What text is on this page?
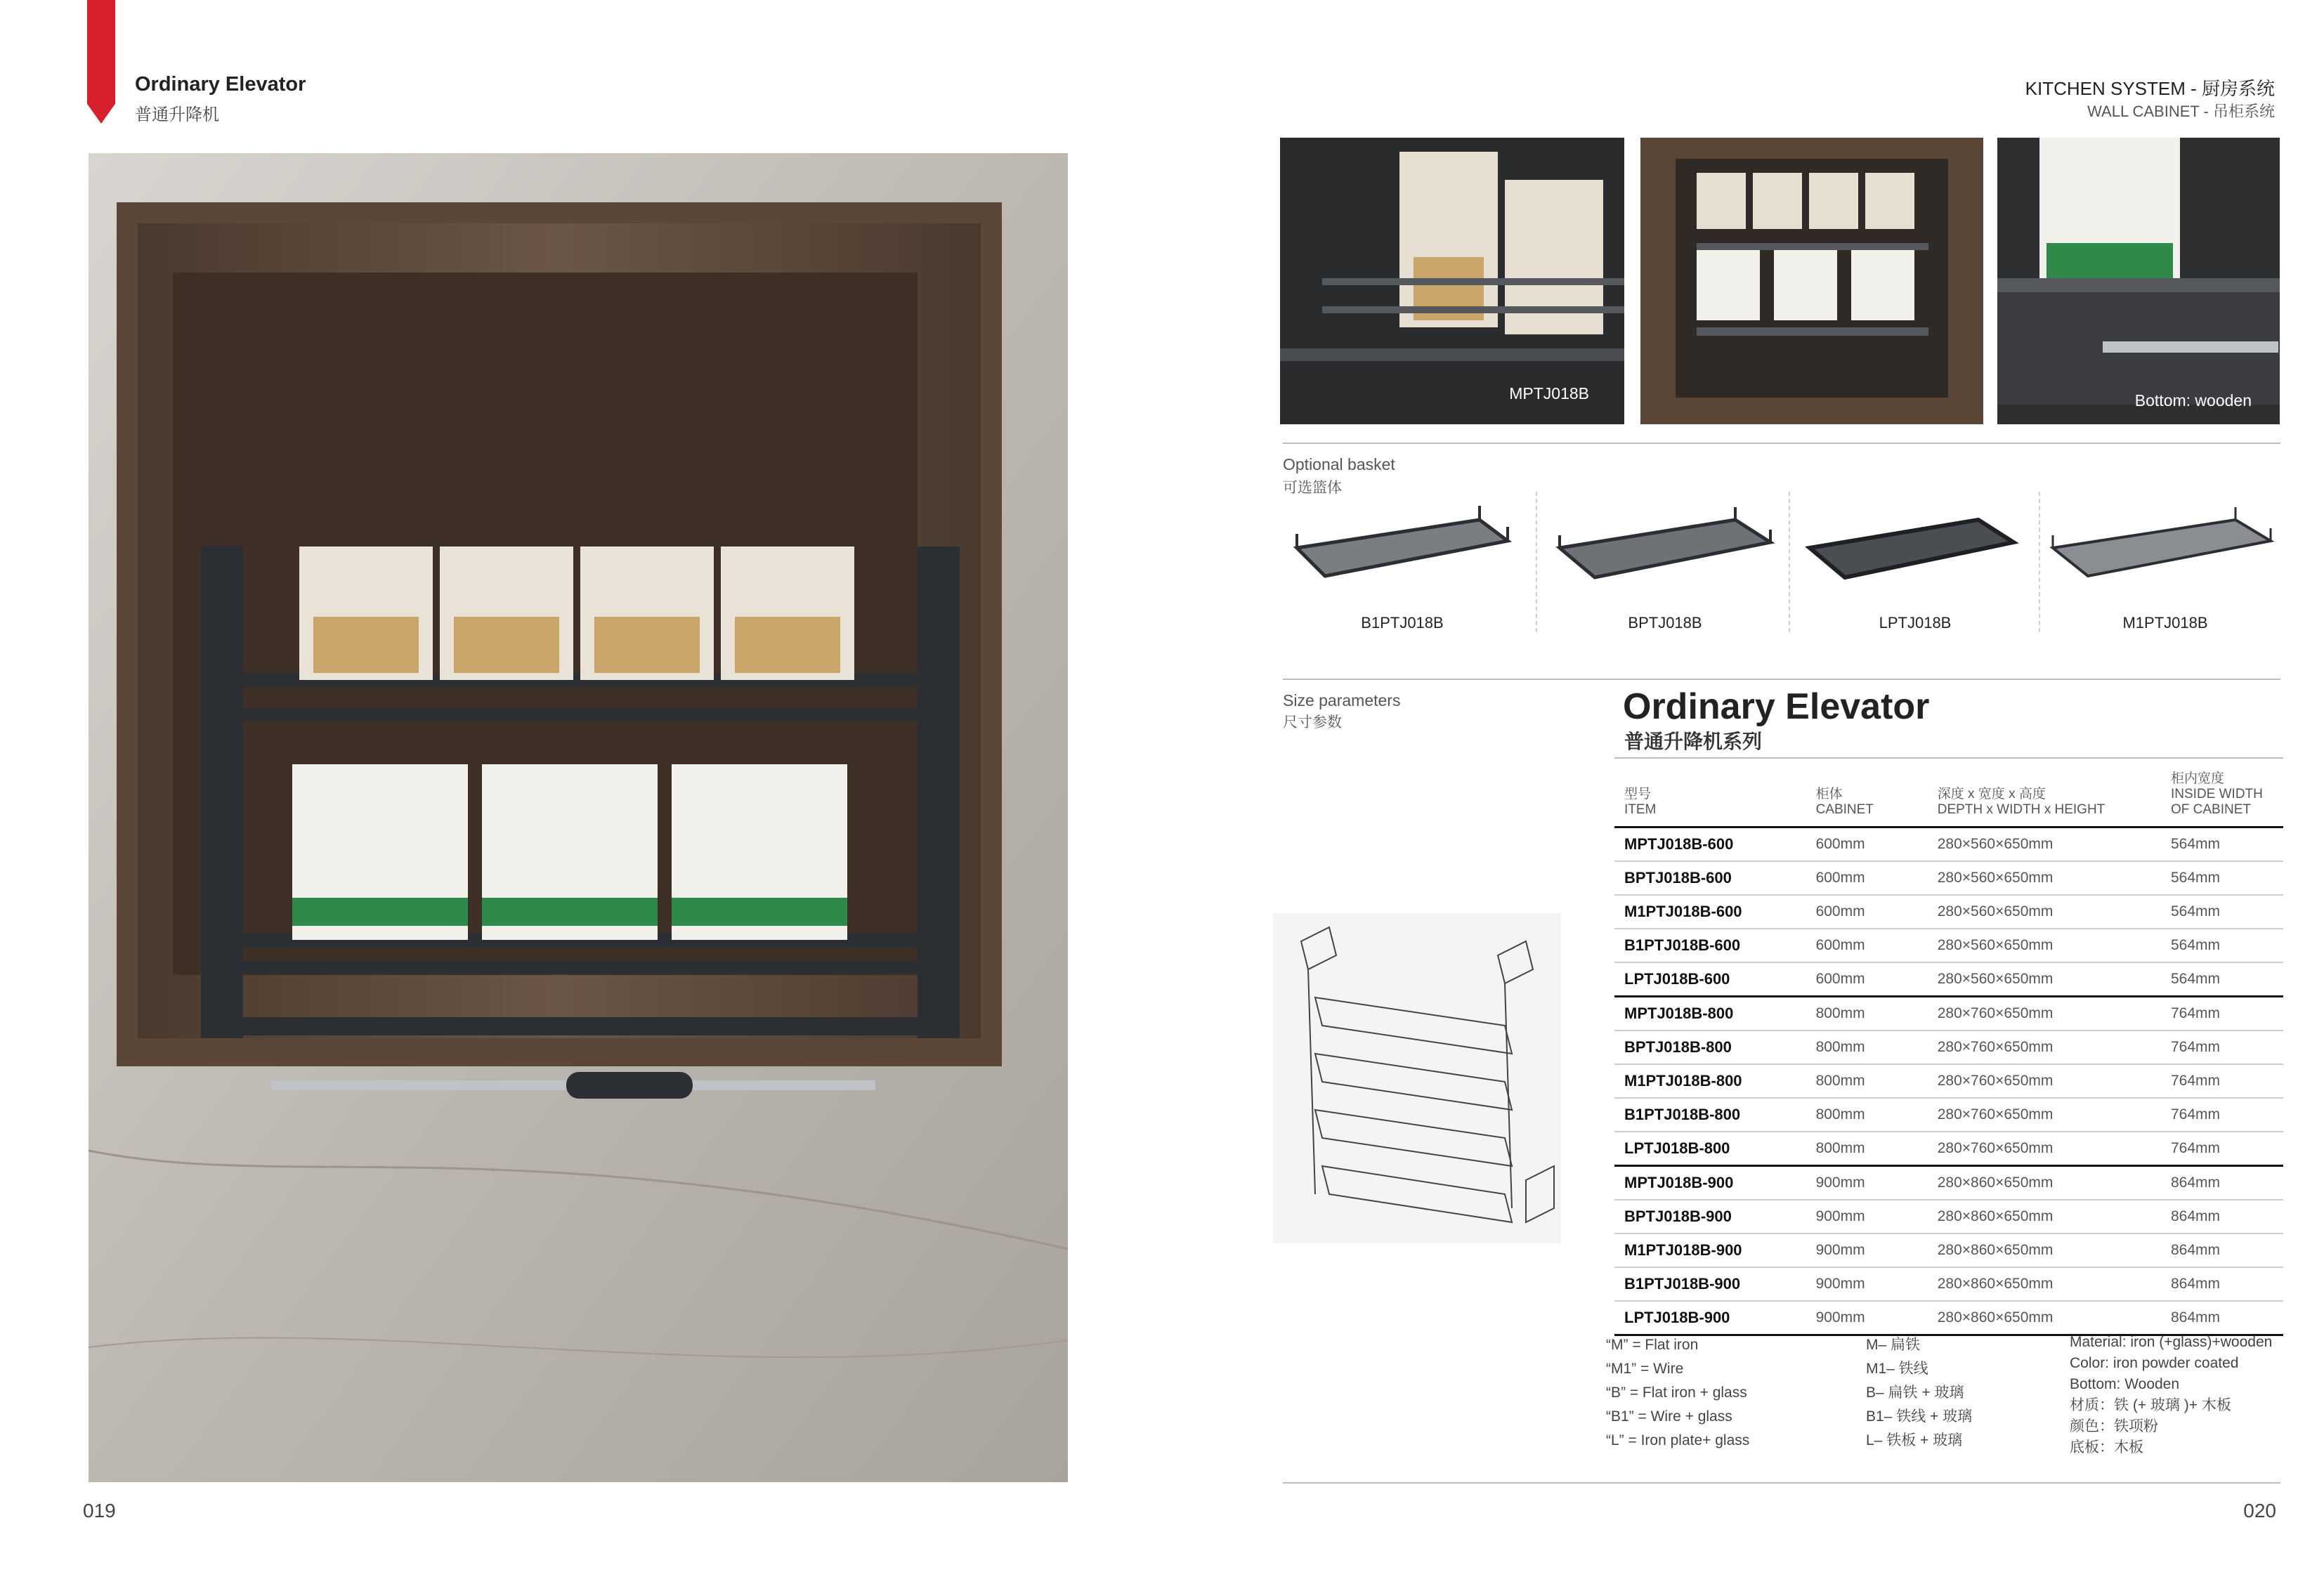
Ordinary Elevator
普通升降机
019
KITCHEN SYSTEM - 厨房系统
WALL CABINET - 吊柜系统
MPTJ018B	Bottom: wooden
Optional basket
可选篮体
B1PTJ018B	BPTJ018B	LPTJ018B	M1PTJ018B
Size parameters
尺寸参数	Ordinary Elevator
普通升降机系列
型号
ITEM	柜体
CABINET	深度 x 宽度 x 高度
DEPTH x WIDTH x HEIGHT	柜内宽度
INSIDE WIDTH OF CABINET
MPTJ018B-600	600mm	280×560×650mm	564mm
BPTJ018B-600	600mm	280×560×650mm	564mm
M1PTJ018B-600	600mm	280×560×650mm	564mm
B1PTJ018B-600	600mm	280×560×650mm	564mm
LPTJ018B-600	600mm	280×560×650mm	564mm
MPTJ018B-800	800mm	280×760×650mm	764mm
BPTJ018B-800	800mm	280×760×650mm	764mm
M1PTJ018B-800	800mm	280×760×650mm	764mm
B1PTJ018B-800	800mm	280×760×650mm	764mm
LPTJ018B-800	800mm	280×760×650mm	764mm
MPTJ018B-900	900mm	280×860×650mm	864mm
BPTJ018B-900	900mm	280×860×650mm	864mm
M1PTJ018B-900	900mm	280×860×650mm	864mm
B1PTJ018B-900	900mm	280×860×650mm	864mm
LPTJ018B-900	900mm	280×860×650mm	864mm
“M” = Flat iron
“M1” = Wire
“B” = Flat iron + glass
“B1” = Wire + glass
“L” = Iron plate+ glass
M– 扁铁
M1– 铁线
B– 扁铁 + 玻璃
B1– 铁线 + 玻璃
L– 铁板 + 玻璃
Material: iron (+glass)+wooden
Color: iron powder coated
Bottom: Wooden
材质：铁 (+ 玻璃 )+ 木板
颜色：铁项粉
底板：木板
020
